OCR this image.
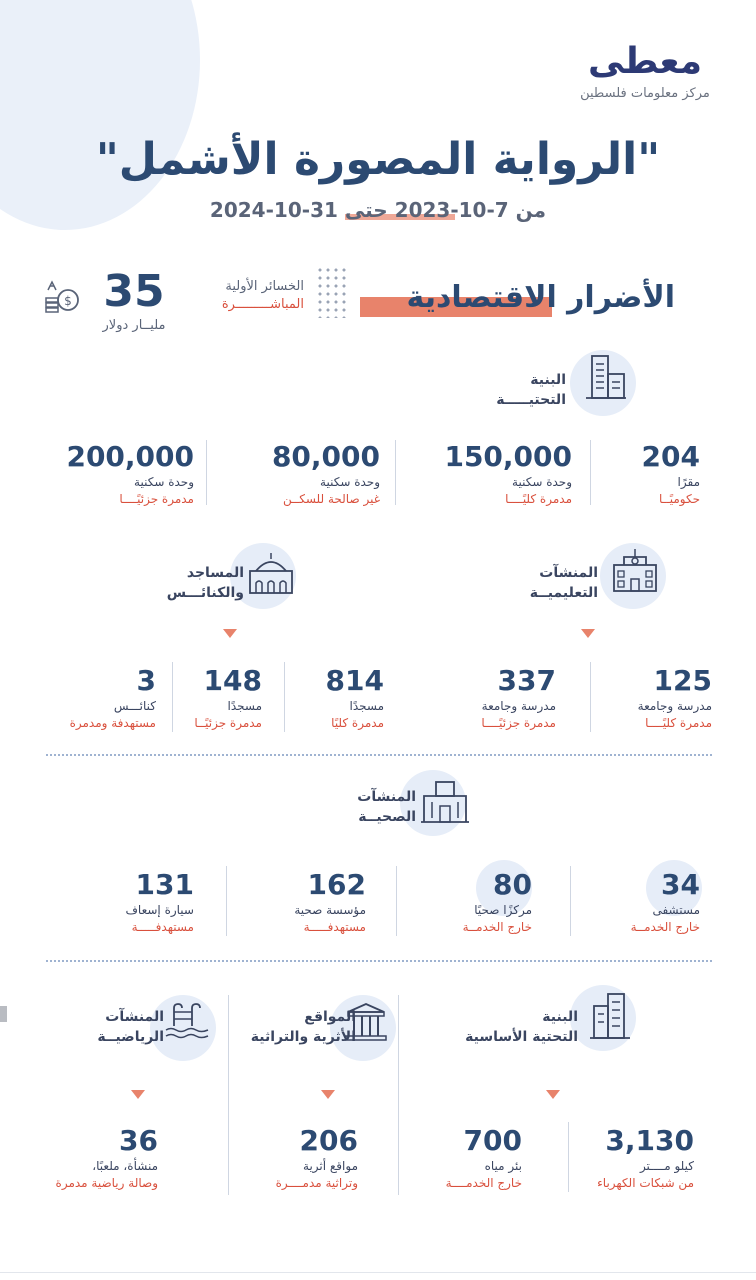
معطى
مركز معلومات فلسطين
"الرواية المصورة الأشمل"
من 7-10-2023 حتى 31-10-2024
الأضرار الاقتصادية
الخسائر الأولية
المباشـــــــــرة
35
مليــار دولار
$
البنية
التحتيـــــة
204
مقرًا
حكوميًــا
150,000
وحدة سكنية
مدمرة كليًــــا
80,000
وحدة سكنية
غير صالحة للسكــن
200,000
وحدة سكنية
مدمرة جزئيًــــا
المنشآت
التعليميــة
المساجد
والكنائـــس
125
مدرسة وجامعة
مدمرة كليًــــا
337
مدرسة وجامعة
مدمرة جزئيًــــا
814
مسجدًا
مدمرة كليًا
148
مسجدًا
مدمرة جزئيًــا
3
كنائـــس
مستهدفة ومدمرة
المنشآت
الصحيــة
34
مستشفى
خارج الخدمــة
80
مركزًا صحيًا
خارج الخدمــة
162
مؤسسة صحية
مستهدفـــــة
131
سيارة إسعاف
مستهدفـــــة
البنية
التحتية الأساسية
المواقع
الأثرية والتراثية
المنشآت
الرياضيــة
3,130
كيلو مــــتر
من شبكات الكهرباء
700
بئر مياه
خارج الخدمــــة
206
مواقع أثرية
وتراثية مدمــــرة
36
منشأة، ملعبًا،
وصالة رياضية مدمرة
